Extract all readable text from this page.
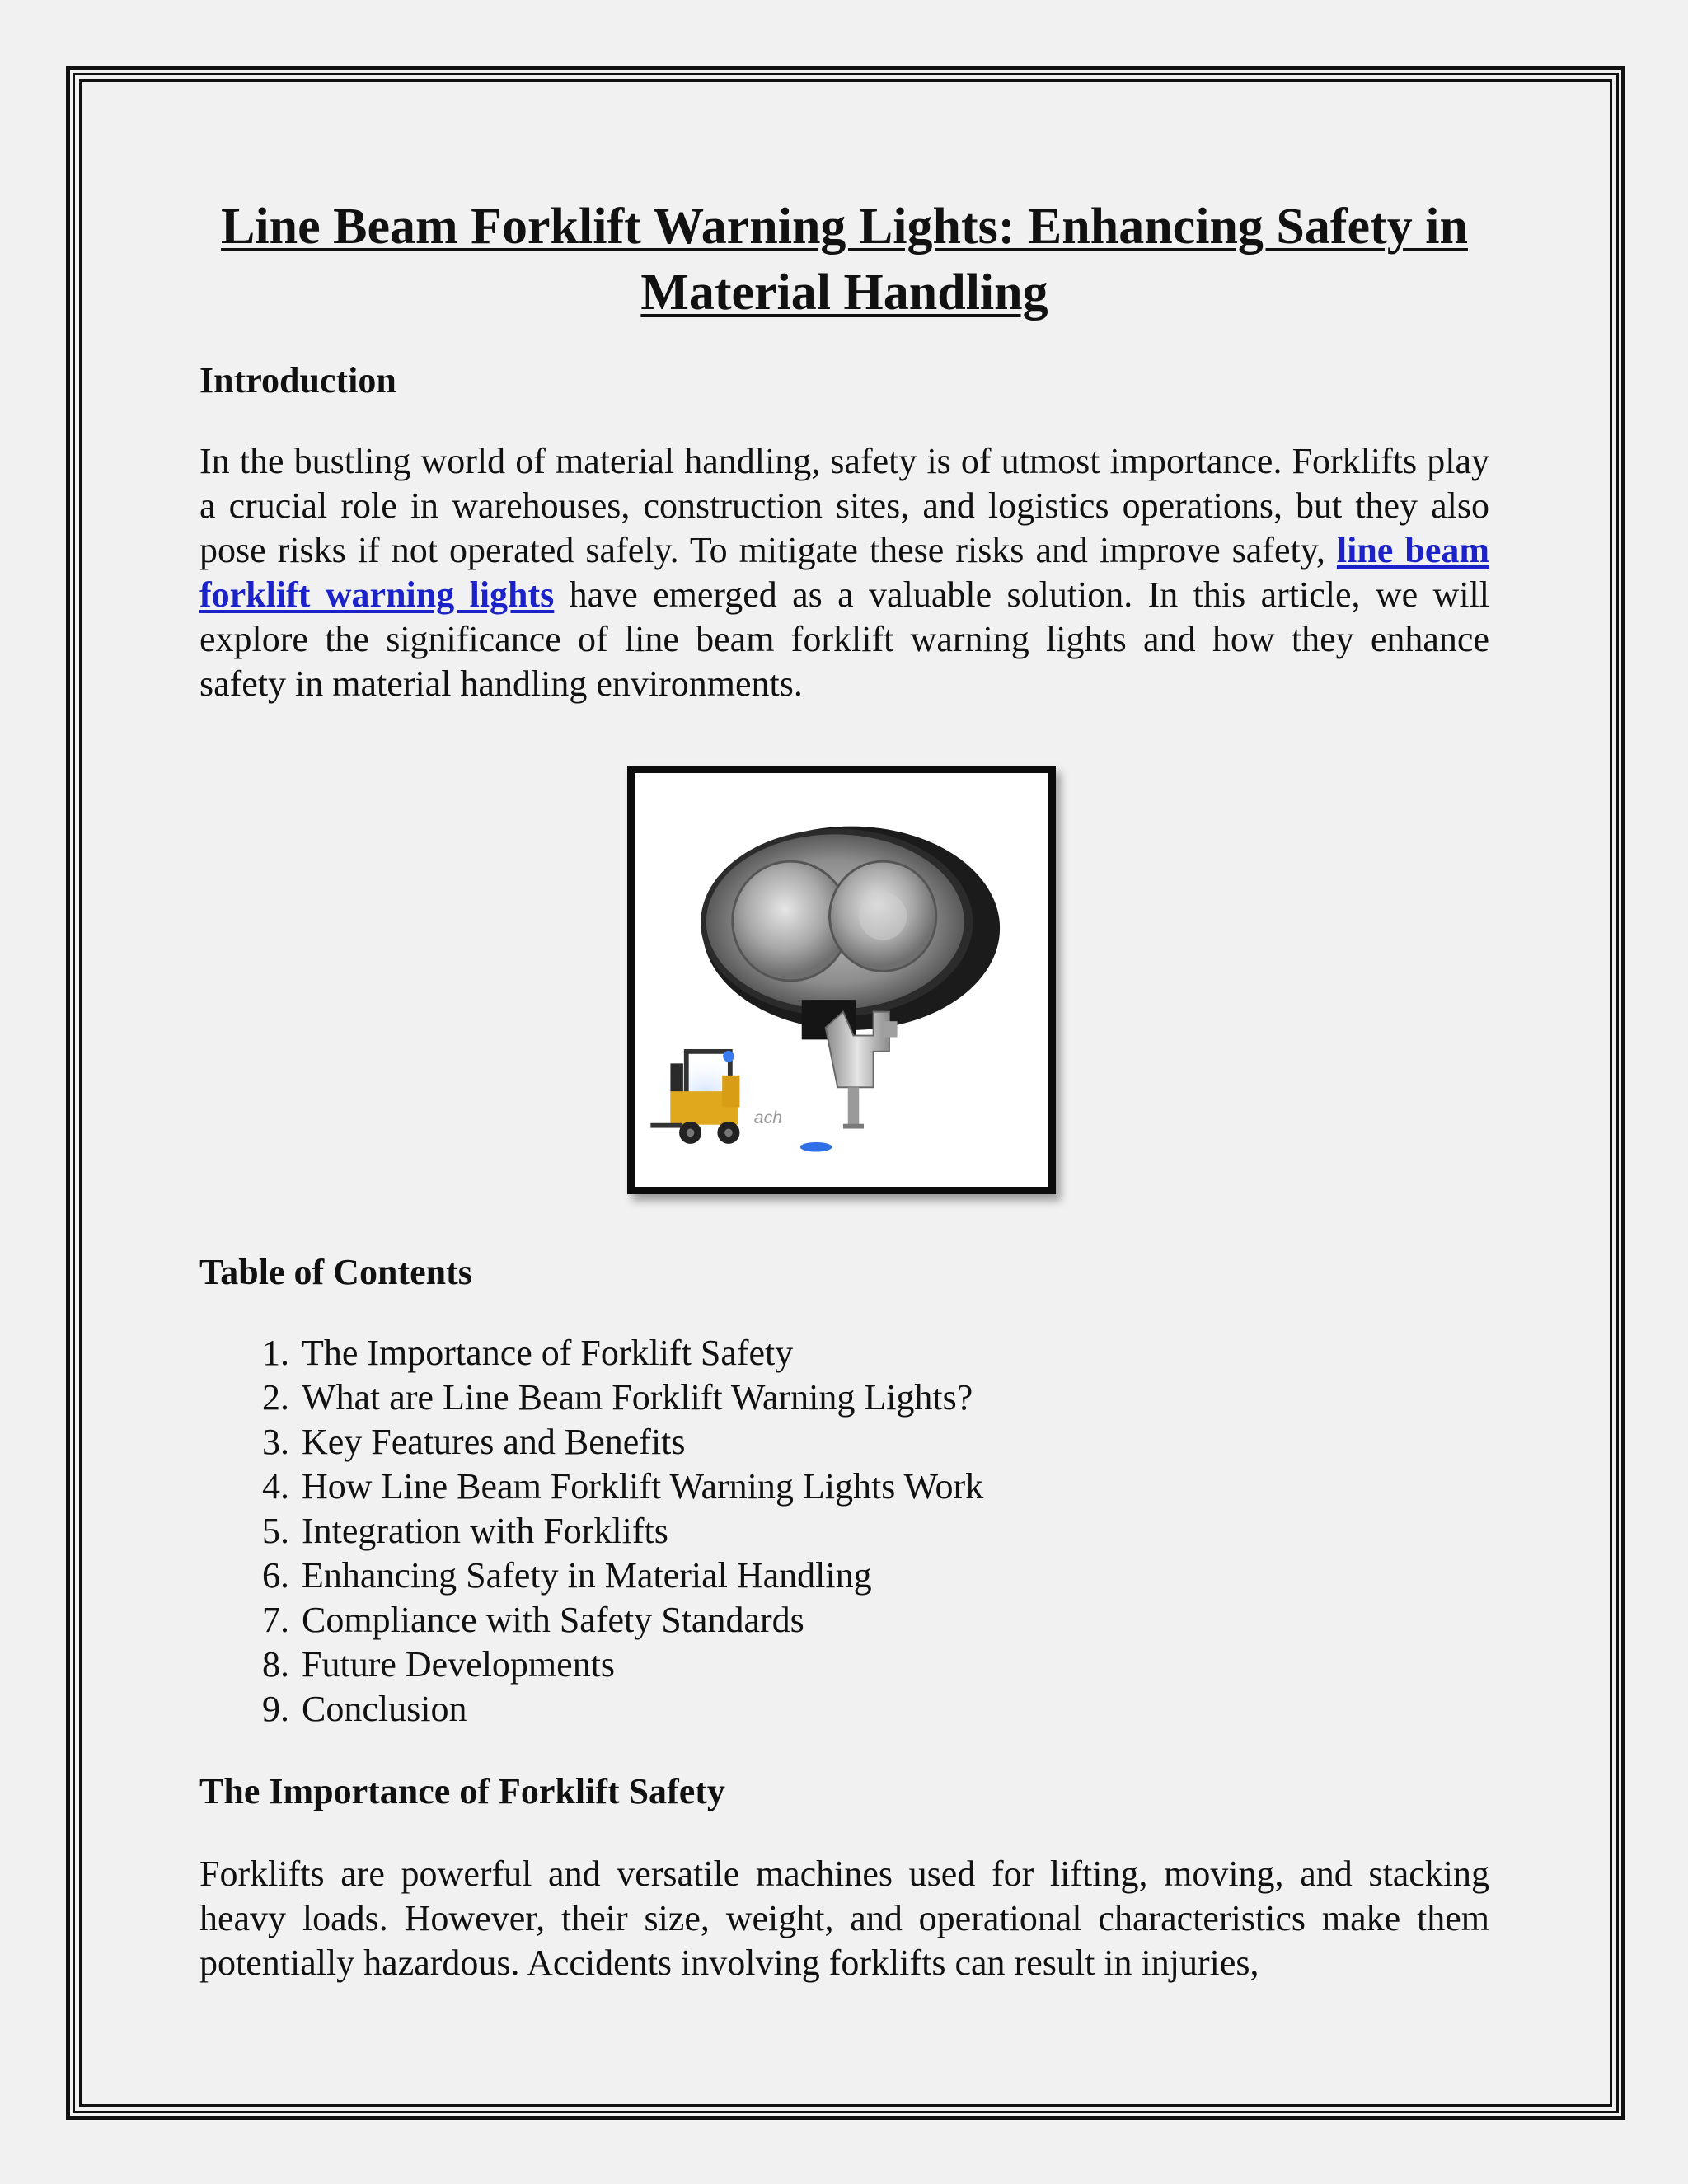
Line Beam Forklift Warning Lights: Enhancing Safety in Material Handling
Introduction

In the bustling world of material handling, safety is of utmost importance. Forklifts play a crucial role in warehouses, construction sites, and logistics operations, but they also pose risks if not operated safely. To mitigate these risks and improve safety, line beam forklift warning lights have emerged as a valuable solution. In this article, we will explore the significance of line beam forklift warning lights and how they enhance safety in material handling environments.

ach
Table of Contents
1. The Importance of Forklift Safety
2. What are Line Beam Forklift Warning Lights?
3. Key Features and Benefits
4. How Line Beam Forklift Warning Lights Work
5. Integration with Forklifts
6. Enhancing Safety in Material Handling
7. Compliance with Safety Standards
8. Future Developments
9. Conclusion
The Importance of Forklift Safety

Forklifts are powerful and versatile machines used for lifting, moving, and stacking heavy loads. However, their size, weight, and operational characteristics make them potentially hazardous. Accidents involving forklifts can result in injuries,
